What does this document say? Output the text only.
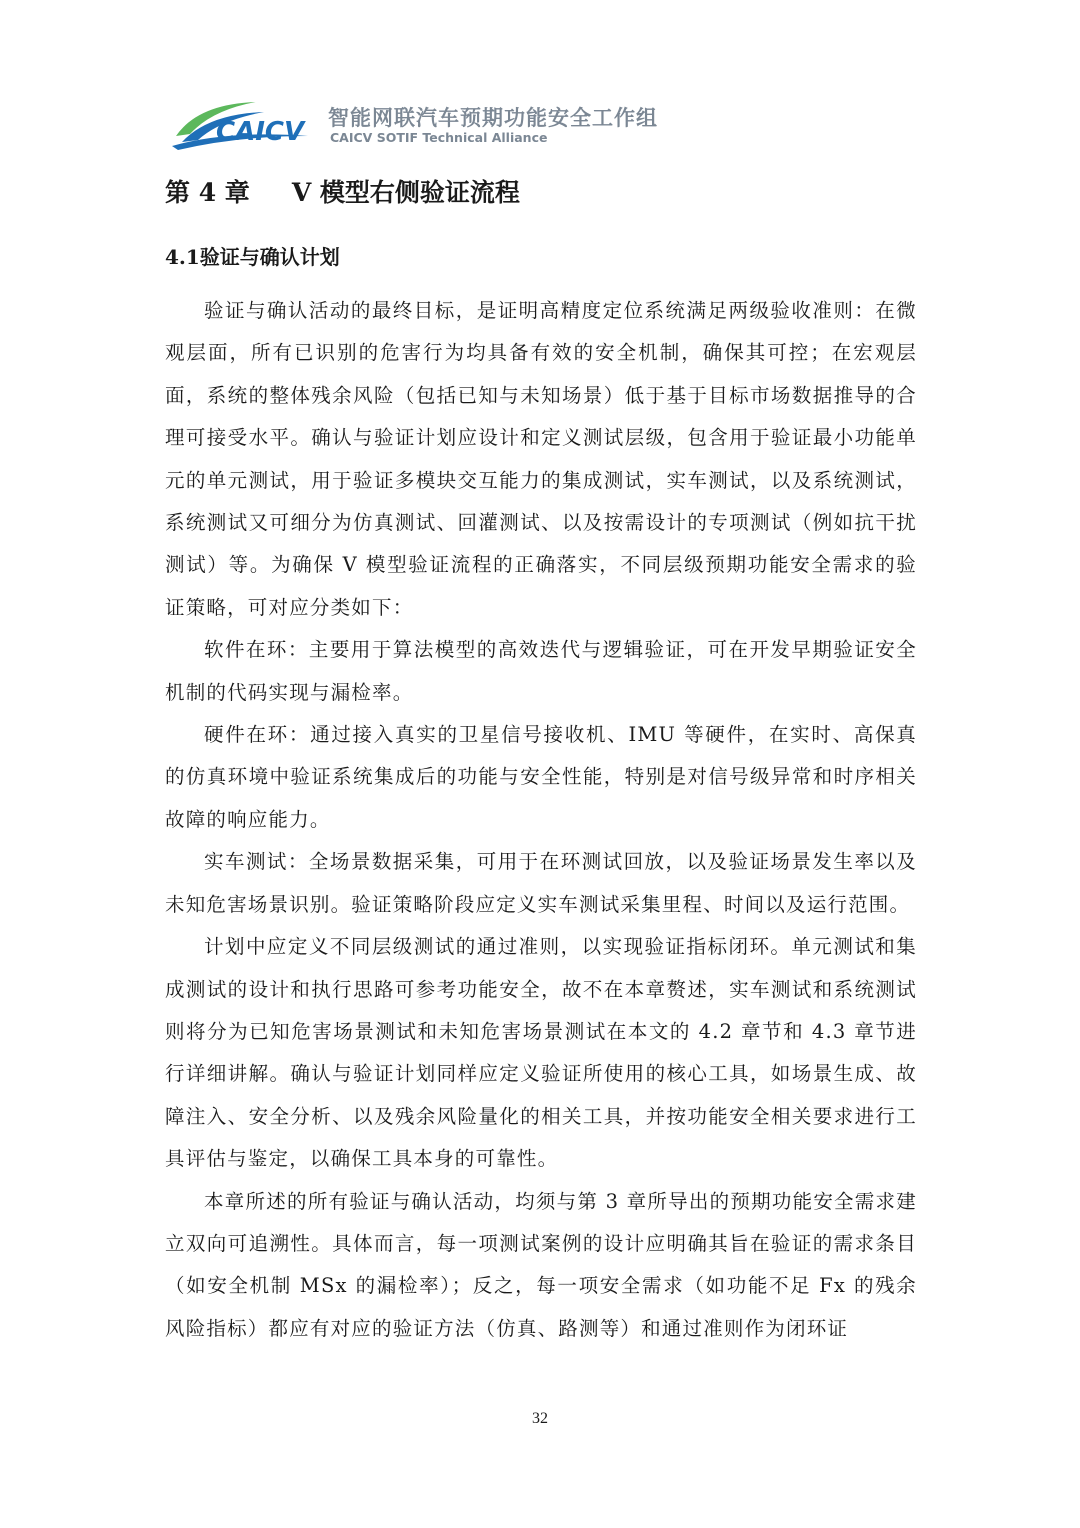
CAICV 智能网联汽车预期功能安全工作组
CAICV SOTIF Technical Alliance
第 4 章 V 模型右侧验证流程
4.1验证与确认计划

验证与确认活动的最终目标，是证明高精度定位系统满足两级验收准则：在微观层面，所有已识别的危害行为均具备有效的安全机制，确保其可控；在宏观层面，系统的整体残余风险（包括已知与未知场景）低于基于目标市场数据推导的合理可接受水平。确认与验证计划应设计和定义测试层级，包含用于验证最小功能单元的单元测试，用于验证多模块交互能力的集成测试，实车测试，以及系统测试，系统测试又可细分为仿真测试、回灌测试、以及按需设计的专项测试（例如抗干扰测试）等。为确保 V 模型验证流程的正确落实，不同层级预期功能安全需求的验证策略，可对应分类如下：

软件在环：主要用于算法模型的高效迭代与逻辑验证，可在开发早期验证安全机制的代码实现与漏检率。

硬件在环：通过接入真实的卫星信号接收机、IMU 等硬件，在实时、高保真的仿真环境中验证系统集成后的功能与安全性能，特别是对信号级异常和时序相关故障的响应能力。

实车测试：全场景数据采集，可用于在环测试回放，以及验证场景发生率以及未知危害场景识别。验证策略阶段应定义实车测试采集里程、时间以及运行范围。

计划中应定义不同层级测试的通过准则，以实现验证指标闭环。单元测试和集成测试的设计和执行思路可参考功能安全，故不在本章赘述，实车测试和系统测试则将分为已知危害场景测试和未知危害场景测试在本文的 4.2 章节和 4.3 章节进行详细讲解。确认与验证计划同样应定义验证所使用的核心工具，如场景生成、故障注入、安全分析、以及残余风险量化的相关工具，并按功能安全相关要求进行工具评估与鉴定，以确保工具本身的可靠性。

本章所述的所有验证与确认活动，均须与第 3 章所导出的预期功能安全需求建立双向可追溯性。具体而言，每一项测试案例的设计应明确其旨在验证的需求条目（如安全机制 MSx 的漏检率）；反之，每一项安全需求（如功能不足 Fx 的残余风险指标）都应有对应的验证方法（仿真、路测等）和通过准则作为闭环证

32
